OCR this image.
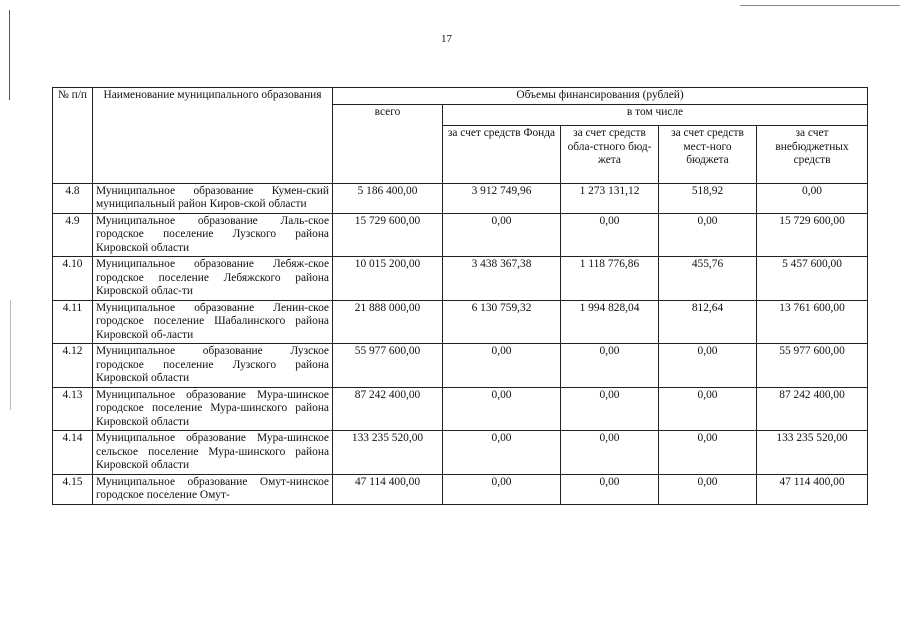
17
№ п/п	Наименование муниципального образования	Объемы финансирования (рублей)				
		всего	в том числе			
			за счет средств Фонда	за счет средств обла-стного бюд-жета	за счет средств мест-ного бюджета	за счет внебюджетных средств
4.8	Муниципальное образование Кумен-ский муниципальный район Киров-ской области	5 186 400,00	3 912 749,96	1 273 131,12	518,92	0,00
4.9	Муниципальное образование Лаль-ское городское поселение Лузского района Кировской области	15 729 600,00	0,00	0,00	0,00	15 729 600,00
4.10	Муниципальное образование Лебяж-ское городское поселение Лебяжского района Кировской облас-ти	10 015 200,00	3 438 367,38	1 118 776,86	455,76	5 457 600,00
4.11	Муниципальное образование Ленин-ское городское поселение Шабалинского района Кировской об-ласти	21 888 000,00	6 130 759,32	1 994 828,04	812,64	13 761 600,00
4.12	Муниципальное образование Лузское городское поселение Лузского района Кировской области	55 977 600,00	0,00	0,00	0,00	55 977 600,00
4.13	Муниципальное образование Мура-шинское городское поселение Мура-шинского района Кировской области	87 242 400,00	0,00	0,00	0,00	87 242 400,00
4.14	Муниципальное образование Мура-шинское сельское поселение Мура-шинского района Кировской области	133 235 520,00	0,00	0,00	0,00	133 235 520,00
4.15	Муниципальное образование Омут-нинское городское поселение Омут-	47 114 400,00	0,00	0,00	0,00	47 114 400,00
